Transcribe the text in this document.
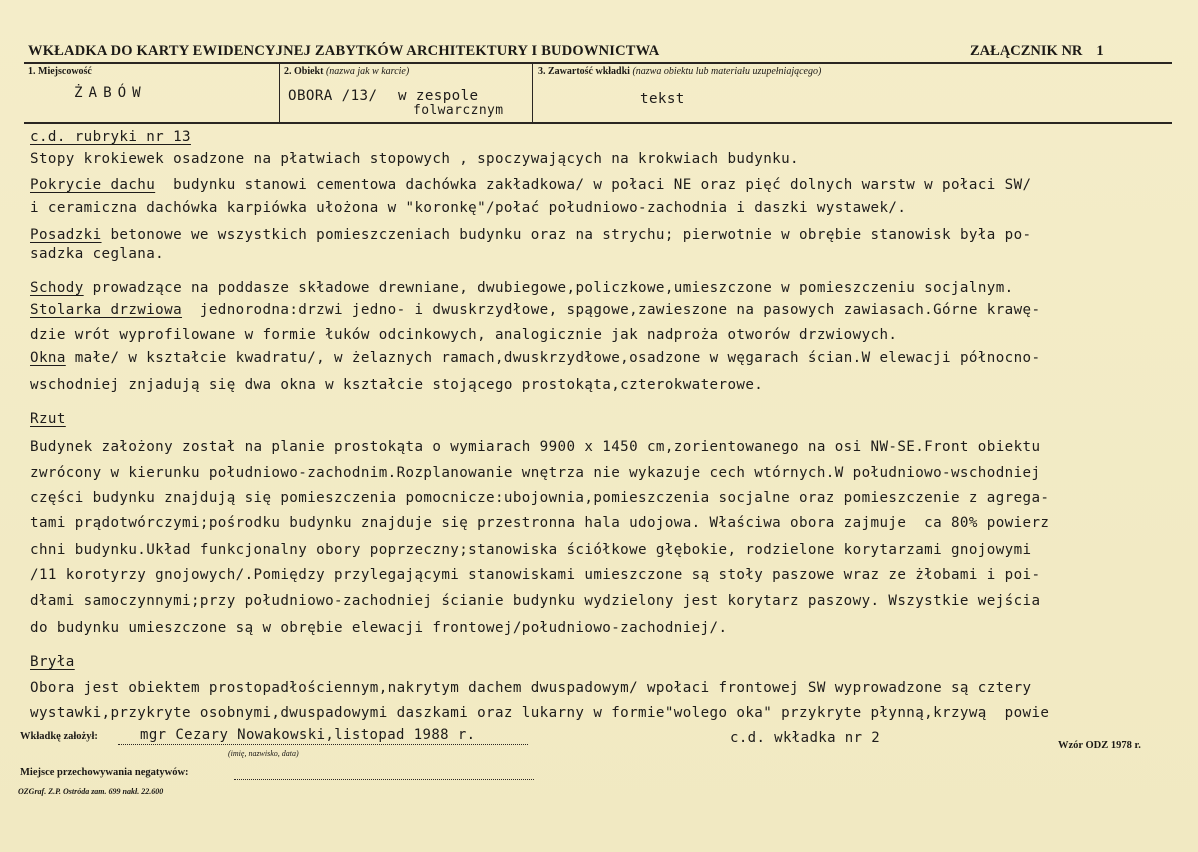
WKŁADKA DO KARTY EWIDENCYJNEJ ZABYTKÓW ARCHITEKTURY I BUDOWNICTWA	ZAŁĄCZNIK NR 1
1. Miejscowość	2. Obiekt (nazwa jak w karcie)	3. Zawartość wkładki (nazwa obiektu lub materiału uzupełniającego)
ŻABÓW	OBORA /13/ w zespole
folwarcznym
tekst
c.d. rubryki nr 13
Stopy krokiewek osadzone na płatwiach stopowych , spoczywających na krokwiach budynku.
Pokrycie dachu  budynku stanowi cementowa dachówka zakładkowa/ w połaci NE oraz pięć dolnych warstw w połaci SW/
i ceramiczna dachówka karpiówka ułożona w "koronkę"/połać południowo-zachodnia i daszki wystawek/.
Posadzki betonowe we wszystkich pomieszczeniach budynku oraz na strychu; pierwotnie w obrębie stanowisk była po-
sadzka ceglana.
Schody prowadzące na poddasze składowe drewniane, dwubiegowe,policzkowe,umieszczone w pomieszczeniu socjalnym.
Stolarka drzwiowa  jednorodna:drzwi jedno- i dwuskrzydłowe, spągowe,zawieszone na pasowych zawiasach.Górne krawę-
dzie wrót wyprofilowane w formie łuków odcinkowych, analogicznie jak nadproża otworów drzwiowych.
Okna małe/ w kształcie kwadratu/, w żelaznych ramach,dwuskrzydłowe,osadzone w węgarach ścian.W elewacji północno-
wschodniej znjadują się dwa okna w kształcie stojącego prostokąta,czterokwaterowe.
Rzut
Budynek założony został na planie prostokąta o wymiarach 9900 x 1450 cm,zorientowanego na osi NW-SE.Front obiektu
zwrócony w kierunku południowo-zachodnim.Rozplanowanie wnętrza nie wykazuje cech wtórnych.W południowo-wschodniej
części budynku znajdują się pomieszczenia pomocnicze:ubojownia,pomieszczenia socjalne oraz pomieszczenie z agrega-
tami prądotwórczymi;pośrodku budynku znajduje się przestronna hala udojowa. Właściwa obora zajmuje  ca 80% powierz
chni budynku.Układ funkcjonalny obory poprzeczny;stanowiska ściółkowe głębokie, rodzielone korytarzami gnojowymi
/11 korotyrzy gnojowych/.Pomiędzy przylegającymi stanowiskami umieszczone są stoły paszowe wraz ze żłobami i poi-
dłami samoczynnymi;przy południowo-zachodniej ścianie budynku wydzielony jest korytarz paszowy. Wszystkie wejścia
do budynku umieszczone są w obrębie elewacji frontowej/południowo-zachodniej/.
Bryła
Obora jest obiektem prostopadłościennym,nakrytym dachem dwuspadowym/ wpołaci frontowej SW wyprowadzone są cztery
wystawki,przykryte osobnymi,dwuspadowymi daszkami oraz lukarny w formie"wolego oka" przykryte płynną,krzywą  powie
Wkładkę założył:	mgr Cezary Nowakowski,listopad 1988 r.
(imię, nazwisko, data)
c.d. wkładka nr 2	Wzór ODZ 1978 r.
Miejsce przechowywania negatywów:
OZGraf. Z.P. Ostróda zam. 699 nakł. 22.600
